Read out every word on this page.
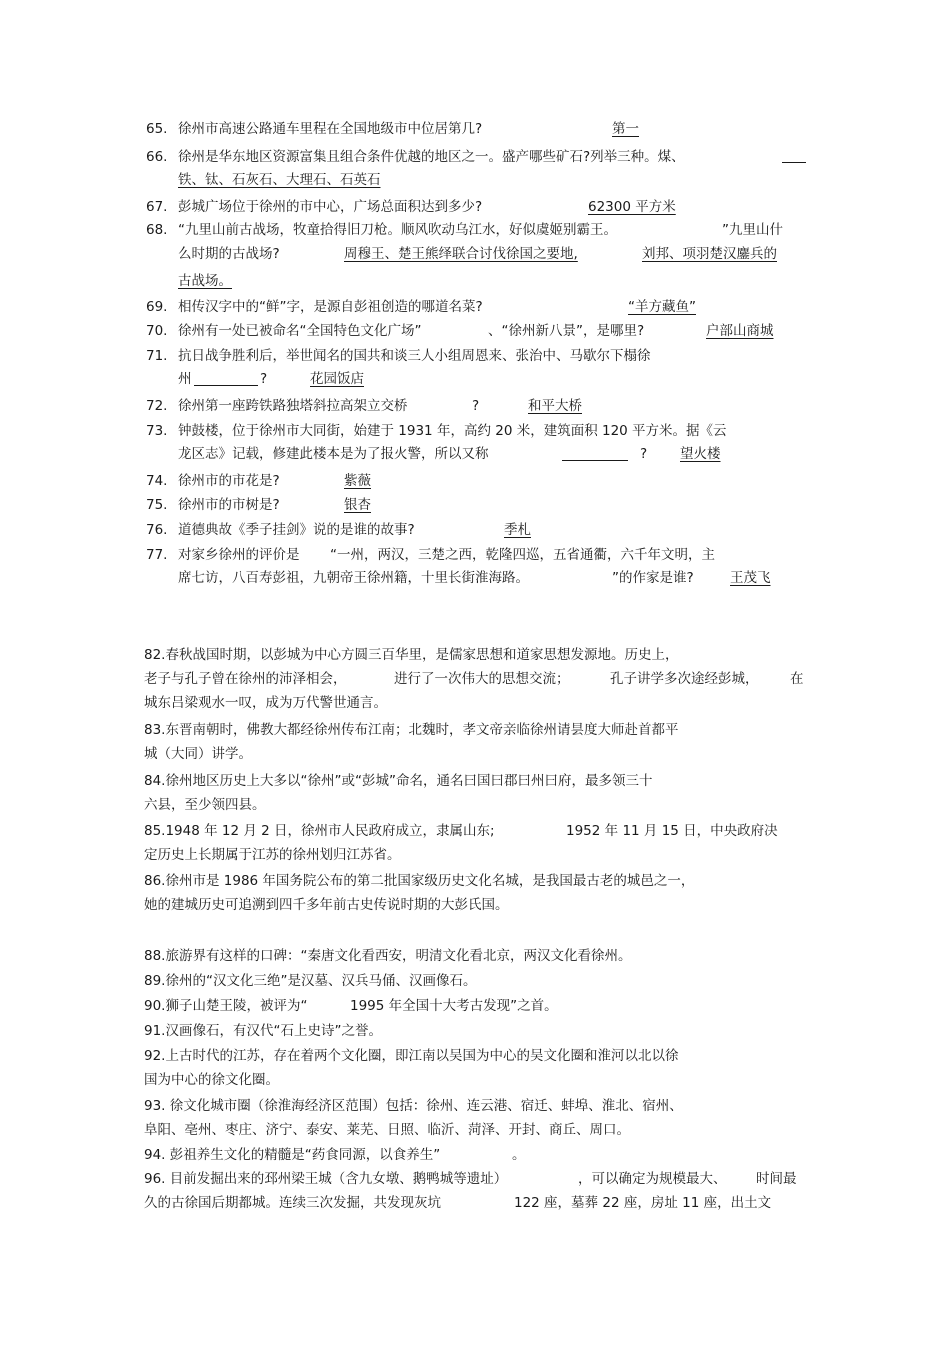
65. 徐州市高速公路通车里程在全国地级市中位居第几?	第一
66. 徐州是华东地区资源富集且组合条件优越的地区之一。盛产哪些矿石?列举三种。煤、
铁、钛、石灰石、大理石、石英石
67. 彭城广场位于徐州的市中心，广场总面积达到多少?	62300 平方米
68. “九里山前古战场，牧童拾得旧刀枪。顺风吹动乌江水，好似虞姬别霸王。	”九里山什
么时期的古战场?	周穆王、楚王熊绎联合讨伐徐国之要地,	刘邦、项羽楚汉鏖兵的
古战场。
69. 相传汉字中的“鲜”字，是源自彭祖创造的哪道名菜?	“羊方藏鱼”
70. 徐州有一处已被命名“全国特色文化广场”	、“徐州新八景”，是哪里?	户部山商城
71. 抗日战争胜利后，举世闻名的国共和谈三人小组周恩来、张治中、马歇尔下榻徐
州	?	花园饭店
72. 徐州第一座跨铁路独塔斜拉高架立交桥	?	和平大桥
73. 钟鼓楼，位于徐州市大同街，始建于 1931 年，高约 20 米，建筑面积 120 平方米。据《云
龙区志》记载，修建此楼本是为了报火警，所以又称	? 望火楼
74. 徐州市的市花是?	紫薇
75. 徐州市的市树是?	银杏
76. 道德典故《季子挂剑》说的是谁的故事?	季札
77. 对家乡徐州的评价是 “一州，两汉，三楚之西，乾隆四巡，五省通衢，六千年文明，主
席七访，八百寿彭祖，九朝帝王徐州籍，十里长街淮海路。	”的作家是谁?	王茂飞
82.春秋战国时期，以彭城为中心方圆三百华里，是儒家思想和道家思想发源地。历史上，
老子与孔子曾在徐州的沛泽相会，	进行了一次伟大的思想交流；	孔子讲学多次途经彭城， 在
城东吕梁观水一叹，成为万代警世通言。
83.东晋南朝时，佛教大都经徐州传布江南；北魏时，孝文帝亲临徐州请昙度大师赴首都平
城（大同）讲学。
84.徐州地区历史上大多以“徐州”或“彭城”命名，通名曰国曰郡曰州曰府，最多领三十
六县，至少领四县。
85.1948 年 12 月 2 日，徐州市人民政府成立，隶属山东;	1952 年 11 月 15 日，中央政府决
定历史上长期属于江苏的徐州划归江苏省。
86.徐州市是 1986 年国务院公布的第二批国家级历史文化名城，是我国最古老的城邑之一，
她的建城历史可追溯到四千多年前古史传说时期的大彭氏国。
88.旅游界有这样的口碑：“秦唐文化看西安，明清文化看北京，两汉文化看徐州。
89.徐州的“汉文化三绝”是汉墓、汉兵马俑、汉画像石。
90.狮子山楚王陵，被评为“	1995 年全国十大考古发现”之首。
91.汉画像石，有汉代“石上史诗”之誉。
92.上古时代的江苏，存在着两个文化圈，即江南以吴国为中心的吴文化圈和淮河以北以徐
国为中心的徐文化圈。
93. 徐文化城市圈（徐淮海经济区范围）包括：徐州、连云港、宿迁、蚌埠、淮北、宿州、
阜阳、亳州、枣庄、济宁、泰安、莱芜、日照、临沂、菏泽、开封、商丘、周口。
94. 彭祖养生文化的精髓是“药食同源，以食养生”	。
96. 目前发掘出来的邳州梁王城（含九女墩、鹅鸭城等遗址）	，可以确定为规模最大、 时间最
久的古徐国后期都城。连续三次发掘，共发现灰坑	122 座，墓葬 22 座，房址 11 座，出土文
